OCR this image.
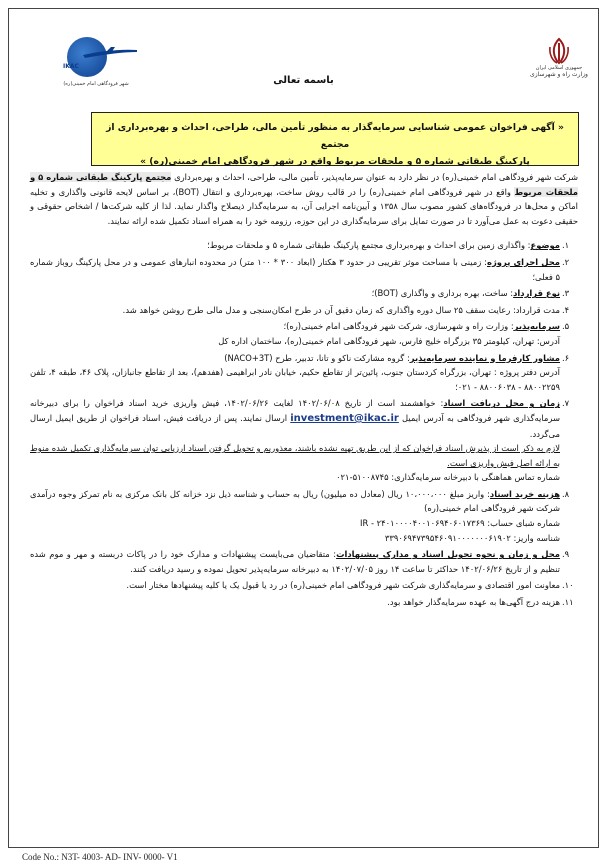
IKAC
شهر فرودگاهی امام خمینی(ره)	باسمه تعالی
جمهوری اسلامی ایران
وزارت راه و شهرسازی
« آگهی فراخوان عمومی شناسایی سرمایه‌گذار به منظور تأمین مالی، طراحی، احداث و بهره‌برداری از مجتمع
پارکینگ طبقاتی شماره ۵ و ملحقات مربوط واقع در شهر فرودگاهی امام خمینی(ره) »

شرکت شهر فرودگاهی امام خمینی(ره) در نظر دارد به عنوان سرمایه‌پذیر، تأمین مالی، طراحی، احداث و بهره‌برداری مجتمع پارکینگ طبقاتی شماره ۵ و ملحقات مربوط واقع در شهر فرودگاهی امام خمینی(ره) را در قالب روش ساخت، بهره‌برداری و انتقال (BOT)، بر اساس لایحه قانونی واگذاری و تخلیه اماکن و محل‌ها در فرودگاه‌های کشور مصوب سال ۱۳۵۸ و آیین‌نامه اجرایی آن، به سرمایه‌گذار ذیصلاح واگذار نماید. لذا از کلیه شرکت‌ها / اشخاص حقوقی و حقیقی دعوت به عمل می‌آورد تا در صورت تمایل برای سرمایه‌گذاری در این حوزه، رزومه خود را به همراه اسناد تکمیل شده ارائه نمایند.

۱.

موضوع: واگذاری زمین برای احداث و بهره‌برداری مجتمع پارکینگ طبقاتی شماره ۵ و ملحقات مربوط؛

۲.

محل اجرای پروژه: زمینی با مساحت موثر تقریبی در حدود ۳ هکتار (ابعاد ۳۰۰ * ۱۰۰ متر) در محدوده انبارهای عمومی و در محل پارکینگ روباز شماره ۵ فعلی؛

۳.

نوع قرارداد: ساخت، بهره برداری و واگذاری (BOT)؛

۴.

مدت قرارداد: رعایت سقف ۲۵ سال دوره واگذاری که زمان دقیق آن در طرح امکان‌سنجی و مدل مالی طرح روشن خواهد شد.

۵.

سرمایه‌پذیر: وزارت راه و شهرسازی، شرکت شهر فرودگاهی امام خمینی(ره)؛

آدرس: تهران، کیلومتر ۳۵ بزرگراه خلیج فارس، شهر فرودگاهی امام خمینی(ره)، ساختمان اداره کل

۶.

مشاور کارفرما و نماینده سرمایه‌پذیر: گروه مشارکت ناکو و تانا، تدبیر، طرح (NACO+3T)

آدرس دفتر پروژه : تهران، بزرگراه کردستان جنوب، پائین‌تر از تقاطع حکیم، خیابان نادر ابراهیمی (هفدهم)، بعد از تقاطع جانبازان، پلاک ۴۶، طبقه ۴، تلفن ۸۸۰۰۲۲۵۹ - ۸۸۰۰۶۰۳۸ - ۰۲۱؛

۷.

زمان و محل دریافت اسناد: خواهشمند است از تاریخ ۱۴۰۲/۰۶/۰۸ لغایت ۱۴۰۲/۰۶/۲۶، فیش واریزی خرید اسناد فراخوان را برای دبیرخانه سرمایه‌گذاری شهر فرودگاهی به آدرس ایمیل investment@ikac.ir ارسال نمایند. پس از دریافت فیش، اسناد فراخوان از طریق ایمیل ارسال می‌گردد.

لازم به ذکر است از پذیرش اسناد فراخوان که از این طریق تهیه نشده باشند، معذوریم و تحویل گرفتن اسناد ارزیابی توان سرمایه‌گذاری تکمیل شده منوط به ارائه اصل فیش واریزی است.

شماره تماس هماهنگی با دبیرخانه سرمایه‌گذاری: ۵۱۰۰۸۷۴۵-۰۲۱

۸.

هزینه خرید اسناد: واریز مبلغ ۱۰،۰۰۰،۰۰۰ ریال (معادل ده میلیون) ریال به حساب و شناسه ذیل نزد خزانه کل بانک مرکزی به نام تمرکز وجوه درآمدی شرکت شهر فرودگاهی امام خمینی(ره)

شماره شبای حساب: IR - ۲۴۰۱۰۰۰۰۴۰۰۱۰۶۹۴۰۶۰۱۷۳۶۹

شناسه واریز: ۳۳۹۰۶۹۴۷۳۹۵۴۶۰۹۱۰۰۰۰۰۰۰۶۱۹۰۲

۹.

محل و زمان و نحوه تحویل اسناد و مدارک پیشنهادات: متقاضیان می‌بایست پیشنهادات و مدارک خود را در پاکات دربسته و مهر و موم شده تنظیم و از تاریخ ۱۴۰۲/۰۶/۲۶ حداکثر تا ساعت ۱۴ روز ۱۴۰۲/۰۷/۰۵ به دبیرخانه سرمایه‌پذیر تحویل نموده و رسید دریافت کنند.

۱۰.

معاونت امور اقتصادی و سرمایه‌گذاری شرکت شهر فرودگاهی امام خمینی(ره) در رد یا قبول یک یا کلیه پیشنهادها مختار است.

۱۱.

هزینه درج آگهی‌ها به عهده سرمایه‌گذار خواهد بود.

Code No.: N3T- 4003- AD- INV- 0000- V1
